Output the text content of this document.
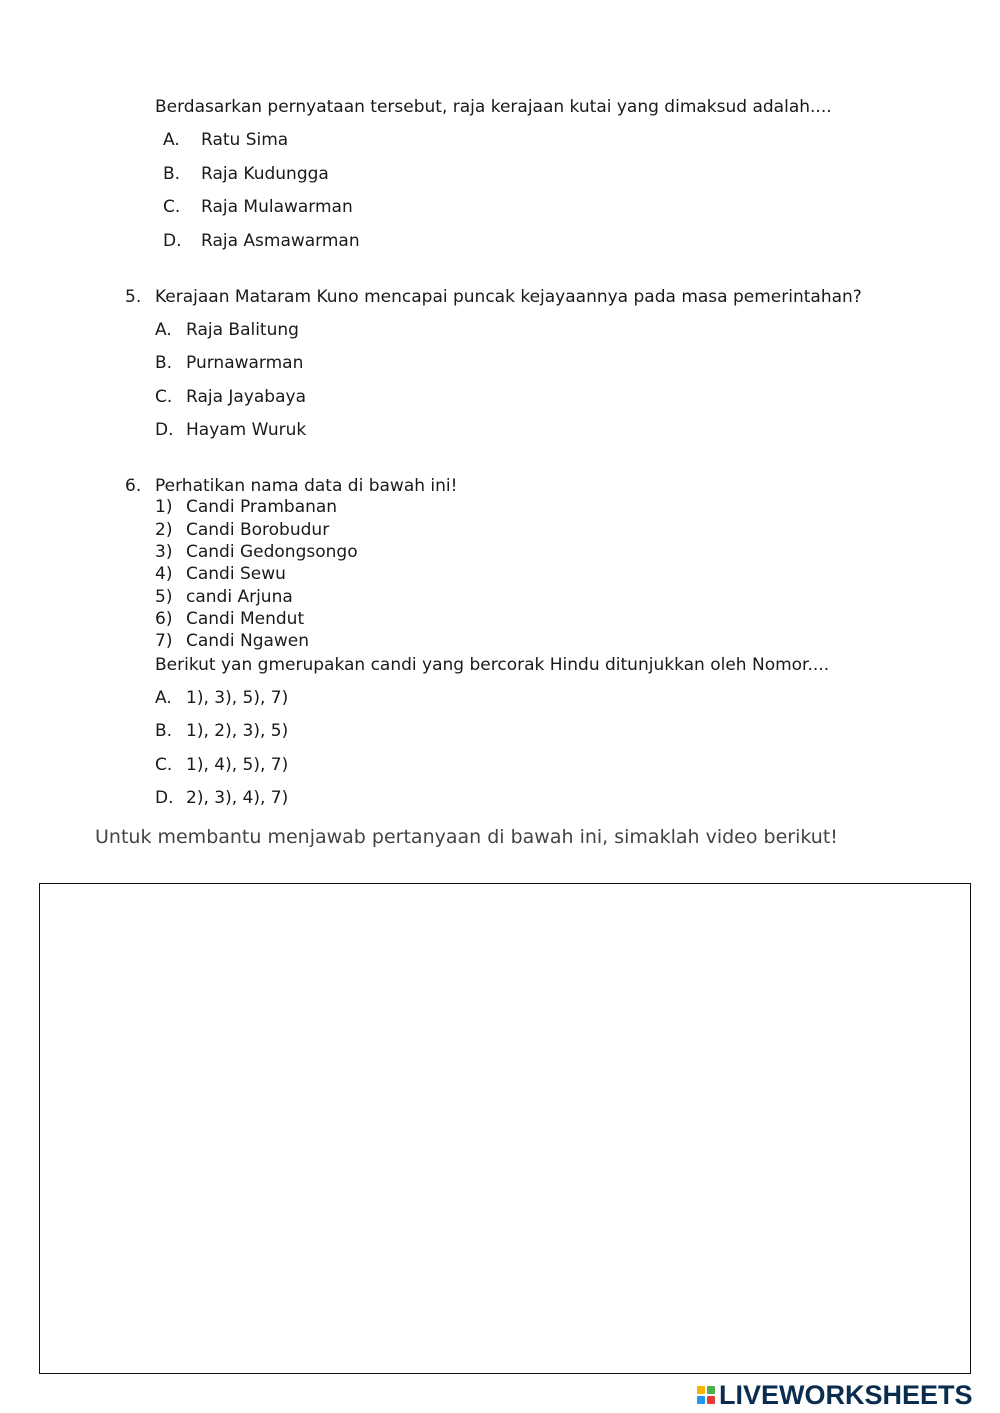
Berdasarkan pernyataan tersebut, raja kerajaan kutai yang dimaksud adalah....
A. Ratu Sima
B. Raja Kudungga
C. Raja Mulawarman
D. Raja Asmawarman
5. Kerajaan Mataram Kuno mencapai puncak kejayaannya pada masa pemerintahan?
A. Raja Balitung
B. Purnawarman
C. Raja Jayabaya
D. Hayam Wuruk
6. Perhatikan nama data di bawah ini!
1) Candi Prambanan
2) Candi Borobudur
3) Candi Gedongsongo
4) Candi Sewu
5) candi Arjuna
6) Candi Mendut
7) Candi Ngawen
Berikut yan gmerupakan candi yang bercorak Hindu ditunjukkan oleh Nomor....
A. 1), 3), 5), 7)
B. 1), 2), 3), 5)
C. 1), 4), 5), 7)
D. 2), 3), 4), 7)
Untuk membantu menjawab pertanyaan di bawah ini, simaklah video berikut!
LIVEWORKSHEETS
